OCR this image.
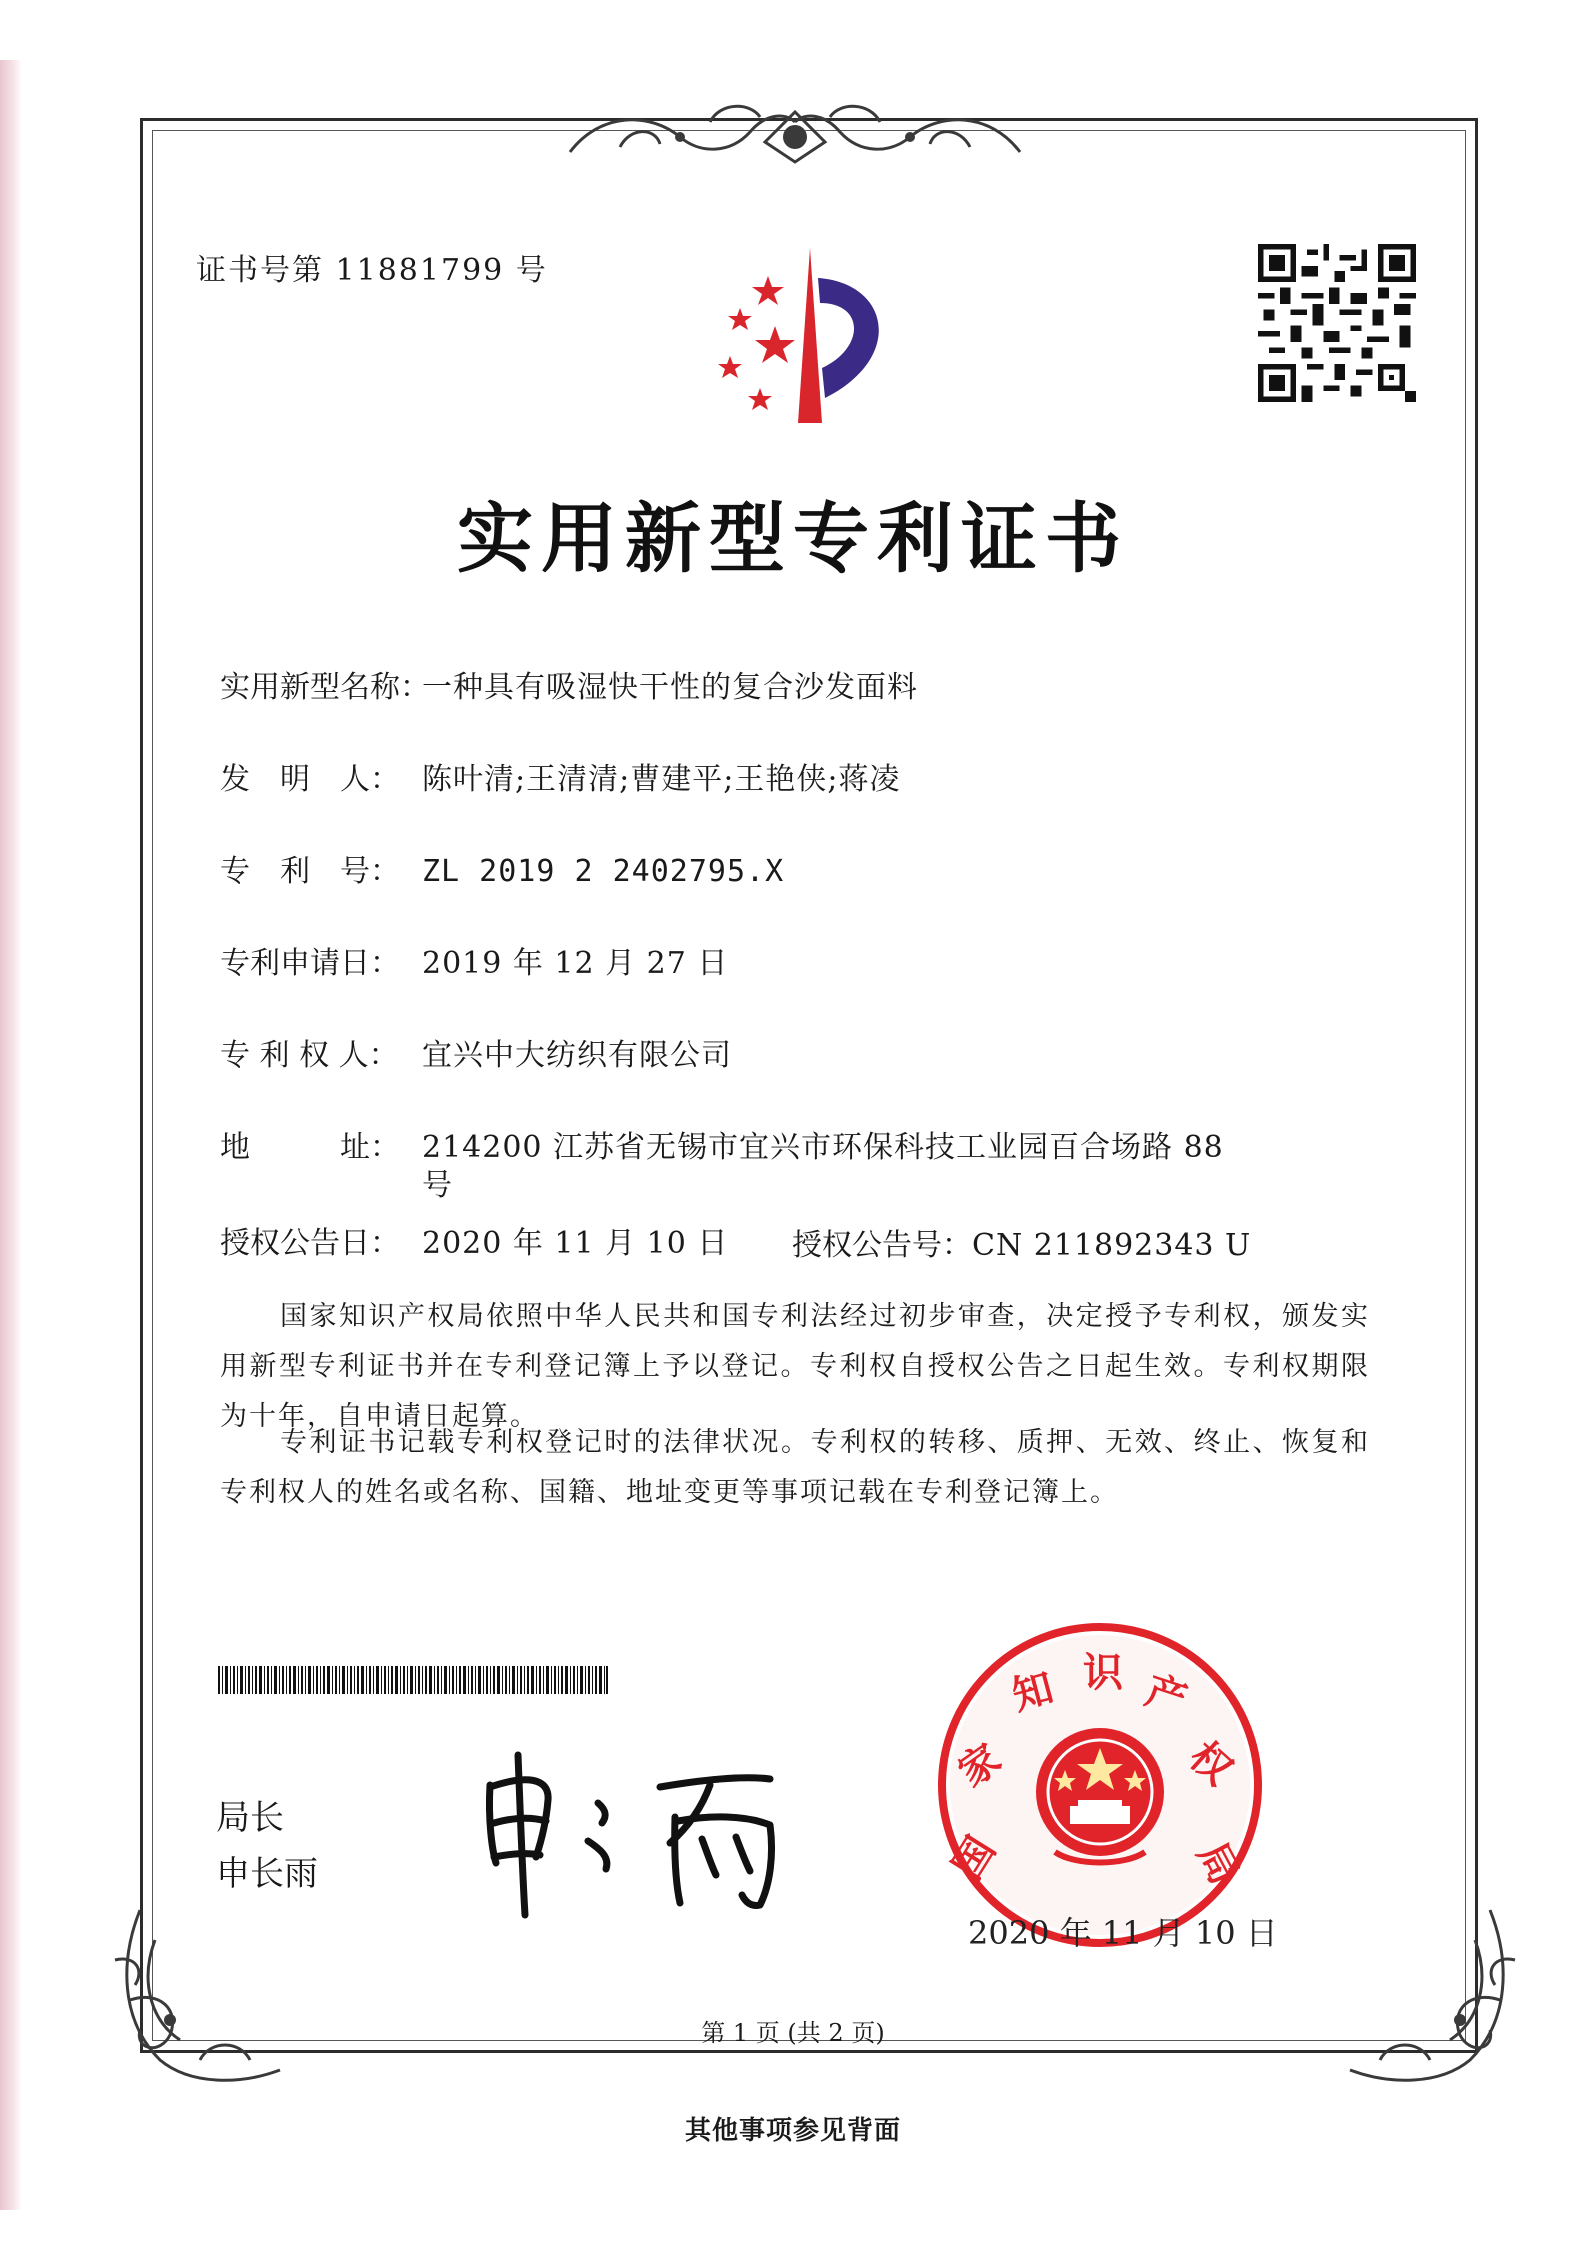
证书号第 11881799 号
实用新型专利证书
实用新型名称：一种具有吸湿快干性的复合沙发面料
发　明　人： 陈叶清;王清清;曹建平;王艳侠;蒋凌
专　利　号： ZL 2019 2 2402795.X
专利申请日： 2019 年 12 月 27 日
专 利 权 人： 宜兴中大纺织有限公司
地　　　址： 214200 江苏省无锡市宜兴市环保科技工业园百合场路 88
号
授权公告日： 2020 年 11 月 10 日 授权公告号：CN 211892343 U
国家知识产权局依照中华人民共和国专利法经过初步审查，决定授予专利权，颁发实用新型专利证书并在专利登记簿上予以登记。专利权自授权公告之日起生效。专利权期限为十年，自申请日起算。
专利证书记载专利权登记时的法律状况。专利权的转移、质押、无效、终止、恢复和专利权人的姓名或名称、国籍、地址变更等事项记载在专利登记簿上。
局长
申长雨	国
家
知 识 产
权
局
2020 年 11 月 10 日
第 1 页 (共 2 页)
其他事项参见背面
